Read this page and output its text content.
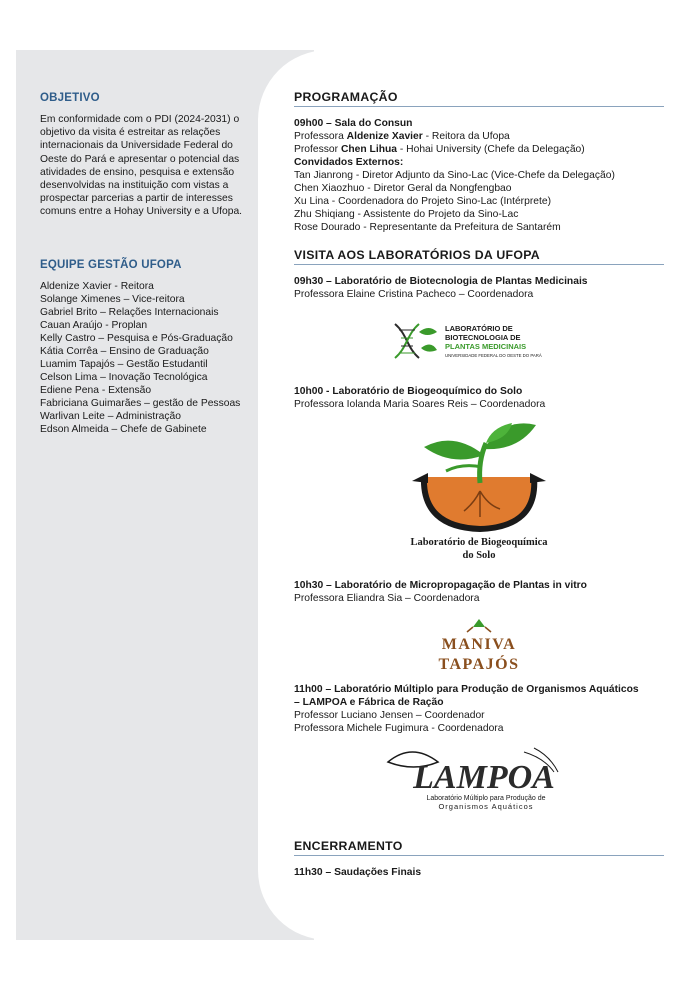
OBJETIVO

Em conformidade com o PDI (2024-2031) o objetivo da visita é estreitar as relações internacionais da Universidade Federal do Oeste do Pará e apresentar o potencial das atividades de ensino, pesquisa e extensão desenvolvidas na instituição com vistas a prospectar parcerias a partir de interesses comuns entre a Hohay University e a Ufopa.

EQUIPE GESTÃO UFOPA
Aldenize Xavier - Reitora
Solange Ximenes – Vice-reitora
Gabriel Brito – Relações Internacionais
Cauan Araújo - Proplan
Kelly Castro – Pesquisa e Pós-Graduação
Kátia Corrêa – Ensino de Graduação
Luamim Tapajós – Gestão Estudantil
Celson Lima – Inovação Tecnológica
Ediene Pena - Extensão
Fabriciana Guimarães – gestão de Pessoas
Warlivan Leite – Administração
Edson Almeida – Chefe de Gabinete
PROGRAMAÇÃO
09h00 – Sala do Consun
Professora Aldenize Xavier - Reitora da Ufopa
Professor Chen Lihua - Hohai University (Chefe da Delegação)
Convidados Externos:
Tan Jianrong - Diretor Adjunto da Sino-Lac (Vice-Chefe da Delegação)
Chen Xiaozhuo - Diretor Geral da Nongfengbao
Xu Lina - Coordenadora do Projeto Sino-Lac (Intérprete)
Zhu Shiqiang - Assistente do Projeto da Sino-Lac
Rose Dourado - Representante da Prefeitura de Santarém
VISITA AOS LABORATÓRIOS DA UFOPA
09h30 – Laboratório de Biotecnologia de Plantas Medicinais
Professora Elaine Cristina Pacheco – Coordenadora
LABORATÓRIO DE
BIOTECNOLOGIA DE
PLANTAS MEDICINAIS
UNIVERSIDADE FEDERAL DO OESTE DO PARÁ
10h00 - Laboratório de Biogeoquímico do Solo
Professora Iolanda Maria Soares Reis – Coordenadora
Laboratório de Biogeoquímica
do Solo
10h30 – Laboratório de Micropropagação de Plantas in vitro
Professora Eliandra Sia – Coordenadora
MANIVA
TAPAJÓS
11h00 – Laboratório Múltiplo para Produção de Organismos Aquáticos
– LAMPOA e Fábrica de Ração
Professor Luciano Jensen – Coordenador
Professora Michele Fugimura - Coordenadora
LAMPOA
Laboratório Múltiplo para Produção de
Organismos Aquáticos
ENCERRAMENTO
11h30 – Saudações Finais
